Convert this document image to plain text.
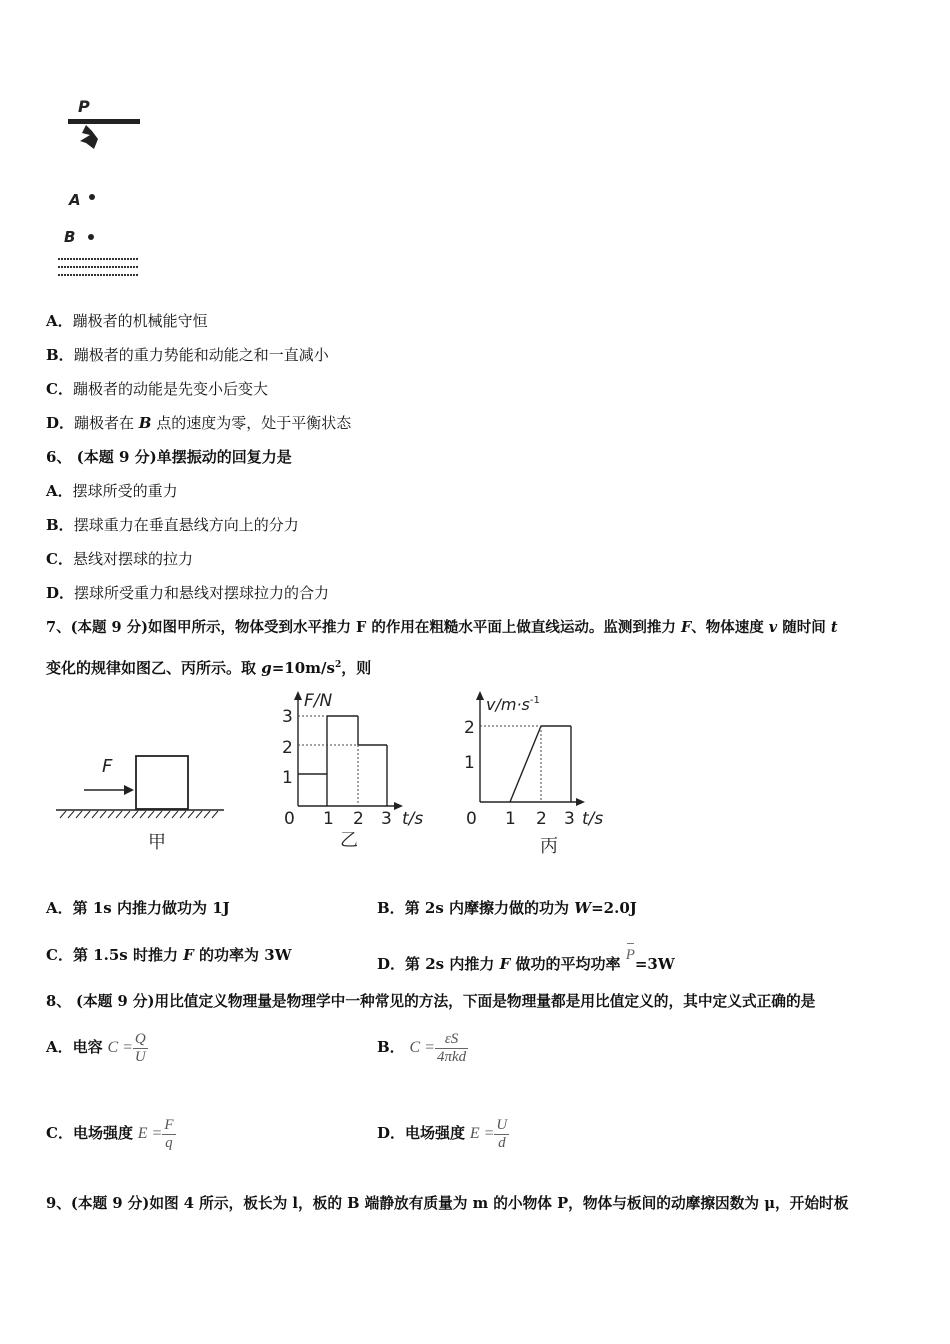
P
A
B
A．蹦极者的机械能守恒
B．蹦极者的重力势能和动能之和一直减小
C．蹦极者的动能是先变小后变大
D．蹦极者在 B 点的速度为零，处于平衡状态
6、 (本题 9 分)单摆振动的回复力是
A．摆球所受的重力
B．摆球重力在垂直悬线方向上的分力
C．悬线对摆球的拉力
D．摆球所受重力和悬线对摆球拉力的合力
7、(本题 9 分)如图甲所示，物体受到水平推力 F 的作用在粗糙水平面上做直线运动。监测到推力 F、物体速度 v 随时间 t
变化的规律如图乙、丙所示。取 $g=10m/s^2$，则
F
甲
F/N
t/s
3
2
1
0 1 2 3
乙
$v/m\cdot s^{-1}$
t/s
2
1
0 1 2 3
丙
A．第 1s 内推力做功为 1J	B．第 2s 内摩擦力做的功为 W=2.0J
C．第 1.5s 时推力 F 的功率为 3W	D．第 2s 内推力 F 做功的平均功率 P=3W
8、 (本题 9 分)用比值定义物理量是物理学中一种常见的方法，下面是物理量都是用比值定义的，其中定义式正确的是
A．电容 $C = \frac{Q}{U}$	B． $C = \frac{\varepsilon S}{\text{4πkd}}$
C．电场强度 $E = \frac{F}{q}$	D．电场强度 $E = \frac{U}{d}$
9、(本题 9 分)如图 4 所示，板长为 l，板的 B 端静放有质量为 m 的小物体 P，物体与板间的动摩擦因数为 μ，开始时板
